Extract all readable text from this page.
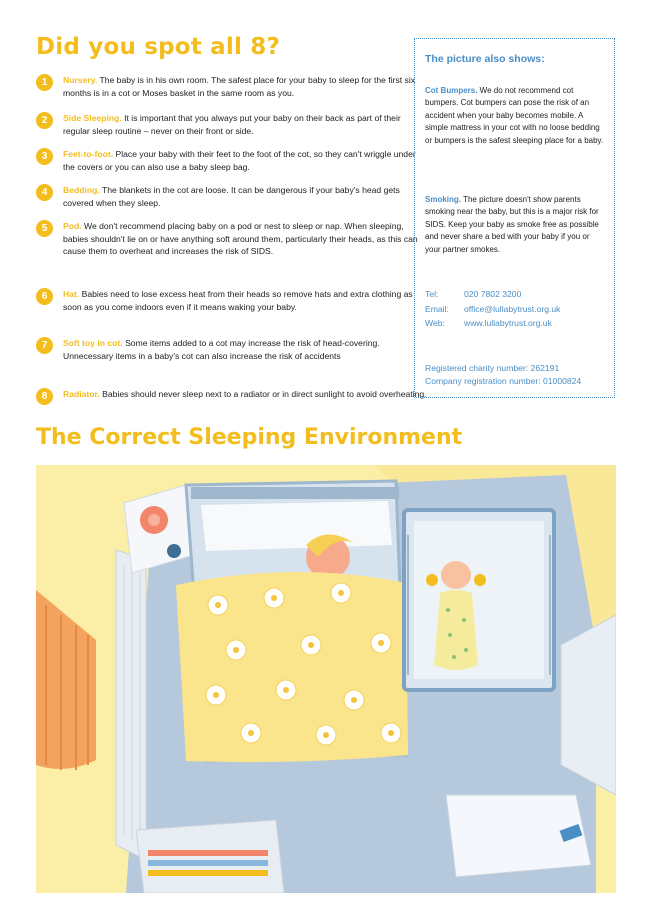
Did you spot all 8?
1	Nursery. The baby is in his own room. The safest place for your baby to sleep for the first six months is in a cot or Moses basket in the same room as you.
2	Side Sleeping. It is important that you always put your baby on their back as part of their regular sleep routine – never on their front or side.
3	Feet-to-foot. Place your baby with their feet to the foot of the cot, so they can't wriggle under the covers or you can also use a baby sleep bag.
4	Bedding. The blankets in the cot are loose. It can be dangerous if your baby's head gets covered when they sleep.
5	Pod. We don't recommend placing baby on a pod or nest to sleep or nap. When sleeping, babies shouldn't lie on or have anything soft around them, particularly their heads, as this can cause them to overheat and increases the risk of SIDS.
6	Hat. Babies need to lose excess heat from their heads so remove hats and extra clothing as soon as you come indoors even if it means waking your baby.
7	Soft toy in cot. Some items added to a cot may increase the risk of head-covering. Unnecessary items in a baby's cot can also increase the risk of accidents
8	Radiator. Babies should never sleep next to a radiator or in direct sunlight to avoid overheating.
The picture also shows:
Cot Bumpers. We do not recommend cot bumpers. Cot bumpers can pose the risk of an accident when your baby becomes mobile. A simple mattress in your cot with no loose bedding or bumpers is the safest sleeping place for a baby.
Smoking. The picture doesn't show parents smoking near the baby, but this is a major risk for SIDS. Keep your baby as smoke free as possible and never share a bed with your baby if you or your partner smokes.
Tel:	020 7802 3200
Email: office@lullabytrust.org.uk
Web: www.lullabytrust.org.uk
Registered charity number: 262191
Company registration number: 01000824
The Correct Sleeping Environment
